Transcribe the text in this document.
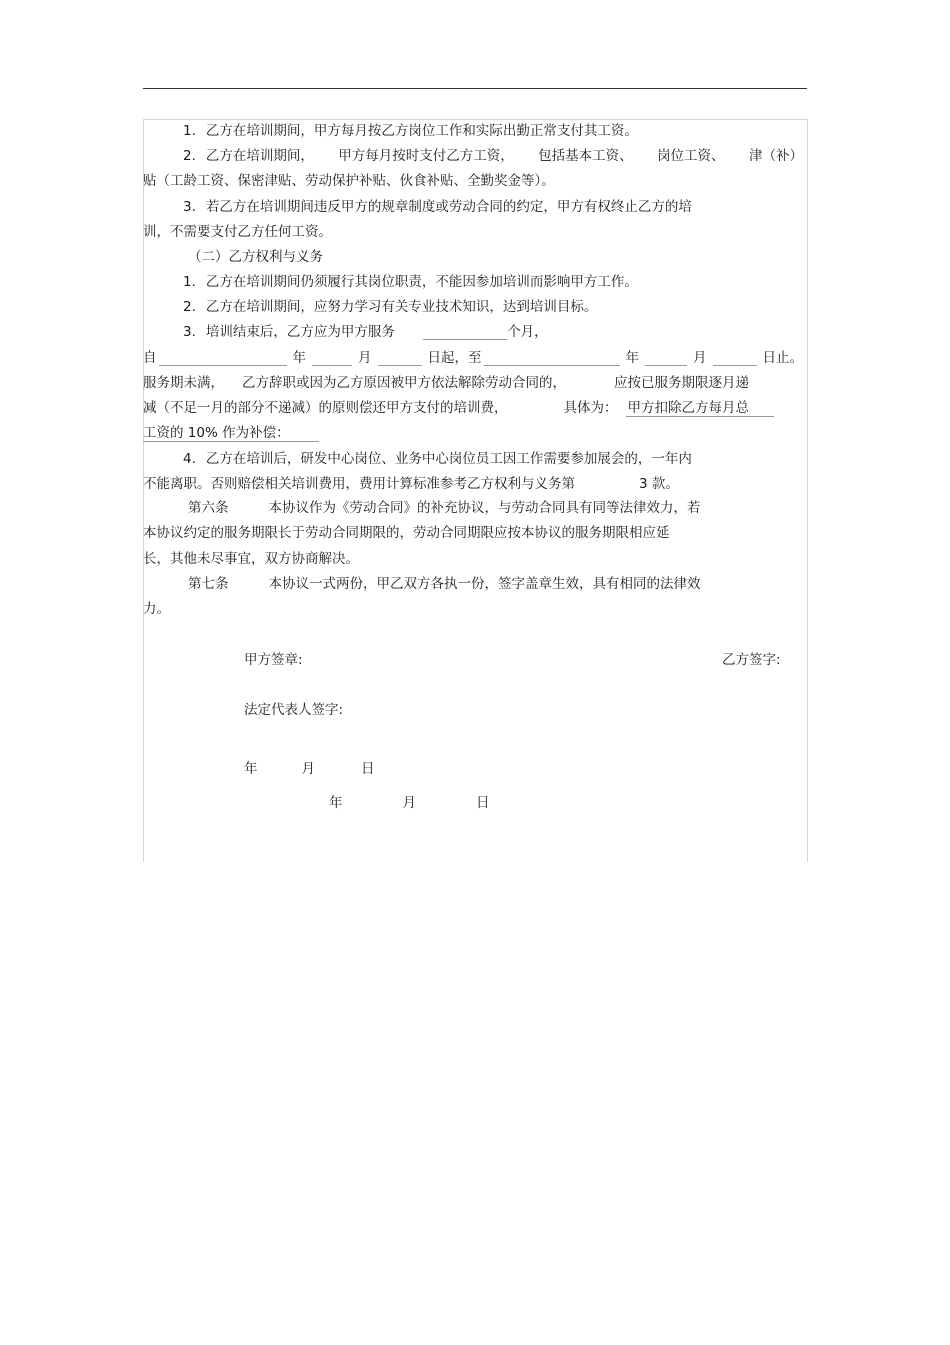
1. 乙方在培训期间，甲方每月按乙方岗位工作和实际出勤正常支付其工资。
2. 乙方在培训期间， 甲方每月按时支付乙方工资， 包括基本工资、 岗位工资、 津（补）
贴（工龄工资、保密津贴、劳动保护补贴、伙食补贴、全勤奖金等）。
3. 若乙方在培训期间违反甲方的规章制度或劳动合同的约定，甲方有权终止乙方的培
训，不需要支付乙方任何工资。
（二）乙方权利与义务
1. 乙方在培训期间仍须履行其岗位职责，不能因参加培训而影响甲方工作。
2. 乙方在培训期间，应努力学习有关专业技术知识，达到培训目标。
3. 培训结束后，乙方应为甲方服务	个月，
自	年	月	日起，至	年	月	日止。
服务期未满， 乙方辞职或因为乙方原因被甲方依法解除劳动合同的，	应按已服务期限逐月递
减（不足一月的部分不递减）的原则偿还甲方支付的培训费，	具体为： 甲方扣除乙方每月总
工资的 10% 作为补偿：
4. 乙方在培训后，研发中心岗位、业务中心岗位员工因工作需要参加展会的，一年内
不能离职。否则赔偿相关培训费用，费用计算标准参考乙方权利与义务第	3 款。
第六条	本协议作为《劳动合同》的补充协议，与劳动合同具有同等法律效力，若
本协议约定的服务期限长于劳动合同期限的，劳动合同期限应按本协议的服务期限相应延
长，其他未尽事宜，双方协商解决。
第七条	本协议一式两份，甲乙双方各执一份，签字盖章生效，具有相同的法律效
力。
甲方签章:	乙方签字:
法定代表人签字:
年	月	日
年	月	日
